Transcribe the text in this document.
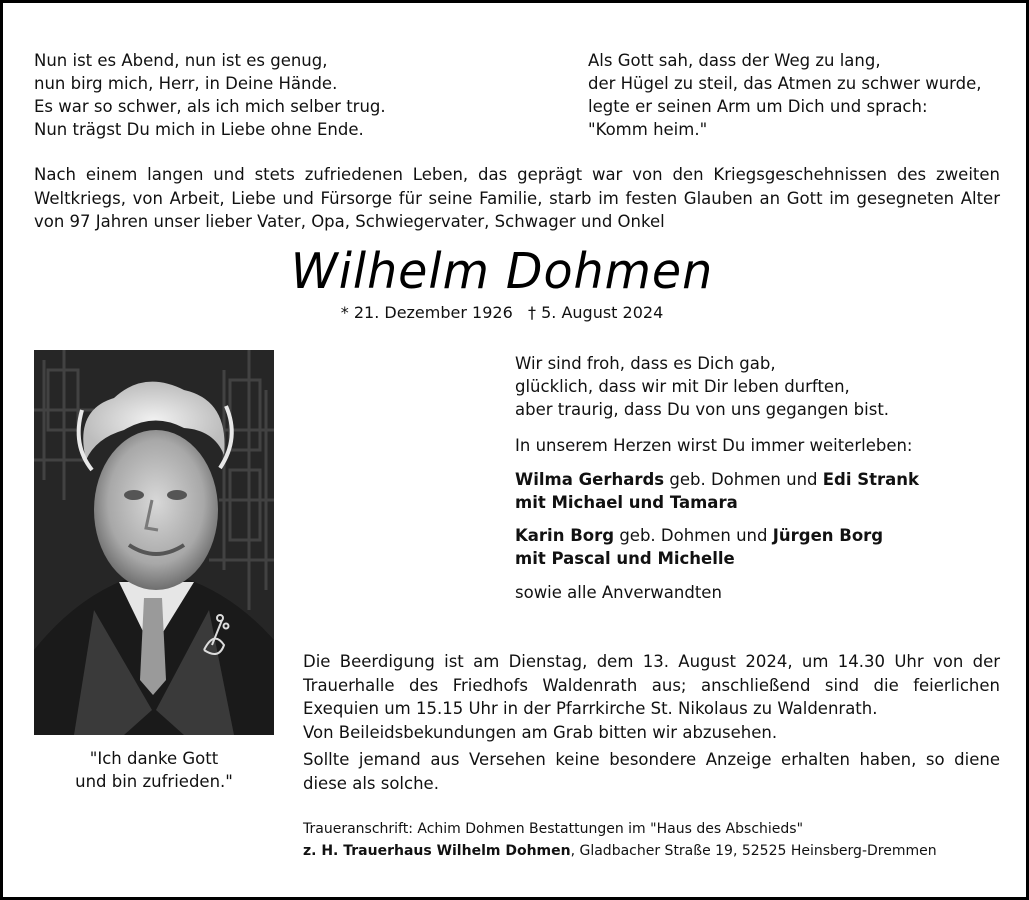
Nun ist es Abend, nun ist es genug,
nun birg mich, Herr, in Deine Hände.
Es war so schwer, als ich mich selber trug.
Nun trägst Du mich in Liebe ohne Ende.
Als Gott sah, dass der Weg zu lang,
der Hügel zu steil, das Atmen zu schwer wurde,
legte er seinen Arm um Dich und sprach:
"Komm heim."
Nach einem langen und stets zufriedenen Leben, das geprägt war von den Kriegsgeschehnissen des zweiten Weltkriegs, von Arbeit, Liebe und Fürsorge für seine Familie, starb im festen Glauben an Gott im gesegneten Alter von 97 Jahren unser lieber Vater, Opa, Schwiegervater, Schwager und Onkel
Wilhelm Dohmen
* 21. Dezember 1926 † 5. August 2024
"Ich danke Gott
und bin zufrieden."
Wir sind froh, dass es Dich gab,
glücklich, dass wir mit Dir leben durften,
aber traurig, dass Du von uns gegangen bist.
In unserem Herzen wirst Du immer weiterleben:
Wilma Gerhards geb. Dohmen und Edi Strank
mit Michael und Tamara
Karin Borg geb. Dohmen und Jürgen Borg
mit Pascal und Michelle
sowie alle Anverwandten
Die Beerdigung ist am Dienstag, dem 13. August 2024, um 14.30 Uhr von der Trauerhalle des Friedhofs Waldenrath aus; anschließend sind die feierlichen Exequien um 15.15 Uhr in der Pfarrkirche St. Nikolaus zu Waldenrath.
Von Beileidsbekundungen am Grab bitten wir abzusehen.
Sollte jemand aus Versehen keine besondere Anzeige erhalten haben, so diene diese als solche.
Traueranschrift: Achim Dohmen Bestattungen im "Haus des Abschieds"
z. H. Trauerhaus Wilhelm Dohmen, Gladbacher Straße 19, 52525 Heinsberg-Dremmen
